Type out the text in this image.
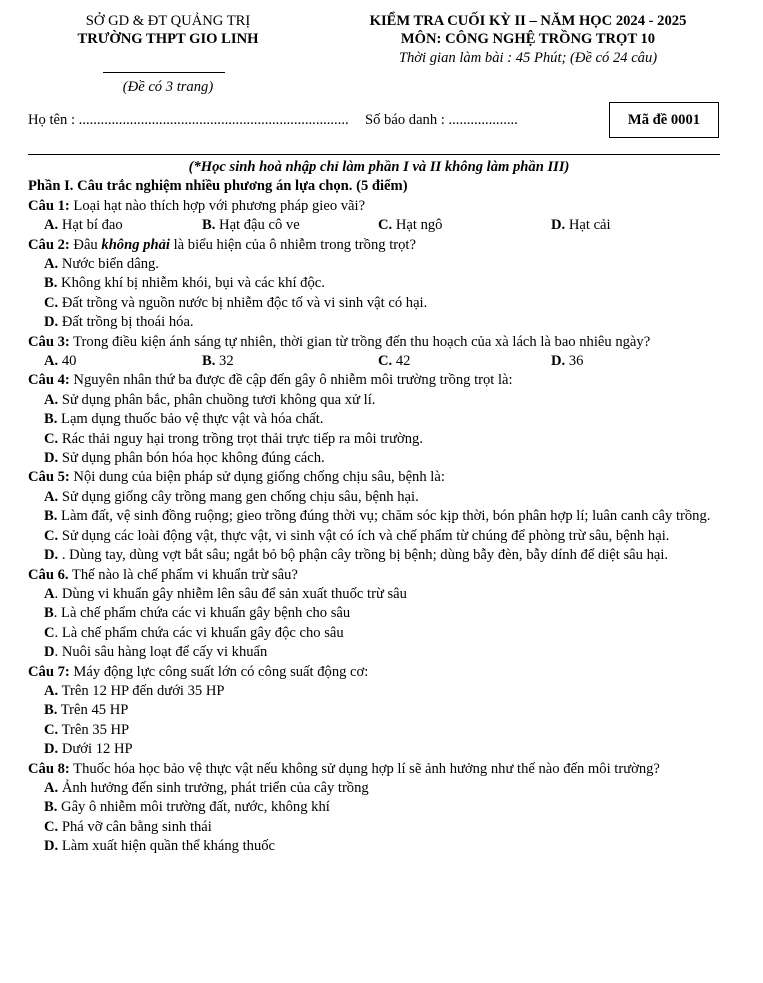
SỞ GD & ĐT QUẢNG TRỊ
TRƯỜNG THPT GIO LINH
(Đề có 3 trang)
KIỂM TRA CUỐI KỲ II – NĂM HỌC 2024 - 2025
MÔN: CÔNG NGHỆ TRỒNG TRỌT 10
Thời gian làm bài : 45 Phút; (Đề có 24 câu)
Họ tên : .......................................................................... Số báo danh : ...................	Mã đề 0001
(*Học sinh hoà nhập chỉ làm phần I và II không làm phần III)
Phần I. Câu trắc nghiệm nhiều phương án lựa chọn. (5 điểm)
Câu 1: Loại hạt nào thích hợp với phương pháp gieo vãi?
A. Hạt bí đao	B. Hạt đậu cô ve	C. Hạt ngô	D. Hạt cải
Câu 2: Đâu không phải là biểu hiện của ô nhiễm trong trồng trọt?
A. Nước biển dâng.
B. Không khí bị nhiễm khói, bụi và các khí độc.
C. Đất trồng và nguồn nước bị nhiễm độc tố và vi sinh vật có hại.
D. Đất trồng bị thoái hóa.
Câu 3: Trong điều kiện ánh sáng tự nhiên, thời gian từ trồng đến thu hoạch của xà lách là bao nhiêu ngày?
A. 40	B. 32	C. 42	D. 36
Câu 4: Nguyên nhân thứ ba được đề cập đến gây ô nhiễm môi trường trồng trọt là:
A. Sử dụng phân bắc, phân chuồng tươi không qua xử lí.
B. Lạm dụng thuốc bảo vệ thực vật và hóa chất.
C. Rác thải nguy hại trong trồng trọt thải trực tiếp ra môi trường.
D. Sử dụng phân bón hóa học không đúng cách.
Câu 5: Nội dung của biện pháp sử dụng giống chống chịu sâu, bệnh là:
A. Sử dụng giống cây trồng mang gen chống chịu sâu, bệnh hại.
B. Làm đất, vệ sinh đồng ruộng; gieo trồng đúng thời vụ; chăm sóc kịp thời, bón phân hợp lí; luân canh cây trồng.
C. Sử dụng các loài động vật, thực vật, vi sinh vật có ích và chế phẩm từ chúng để phòng trừ sâu, bệnh hại.
D. . Dùng tay, dùng vợt bắt sâu; ngắt bỏ bộ phận cây trồng bị bệnh; dùng bẫy đèn, bẫy dính để diệt sâu hại.
Câu 6. Thế nào là chế phẩm vi khuẩn trừ sâu?
A. Dùng vi khuẩn gây nhiễm lên sâu để sản xuất thuốc trừ sâu
B. Là chế phẩm chứa các vi khuẩn gây bệnh cho sâu
C. Là chế phẩm chứa các vi khuẩn gây độc cho sâu
D. Nuôi sâu hàng loạt để cấy vi khuẩn
Câu 7: Máy động lực công suất lớn có công suất động cơ:
A. Trên 12 HP đến dưới 35 HP
B. Trên 45 HP
C. Trên 35 HP
D. Dưới 12 HP
Câu 8: Thuốc hóa học bảo vệ thực vật nếu không sử dụng hợp lí sẽ ảnh hưởng như thế nào đến môi trường?
A. Ảnh hưởng đến sinh trưởng, phát triển của cây trồng
B. Gây ô nhiễm môi trường đất, nước, không khí
C. Phá vỡ cân bằng sinh thái
D. Làm xuất hiện quần thể kháng thuốc
